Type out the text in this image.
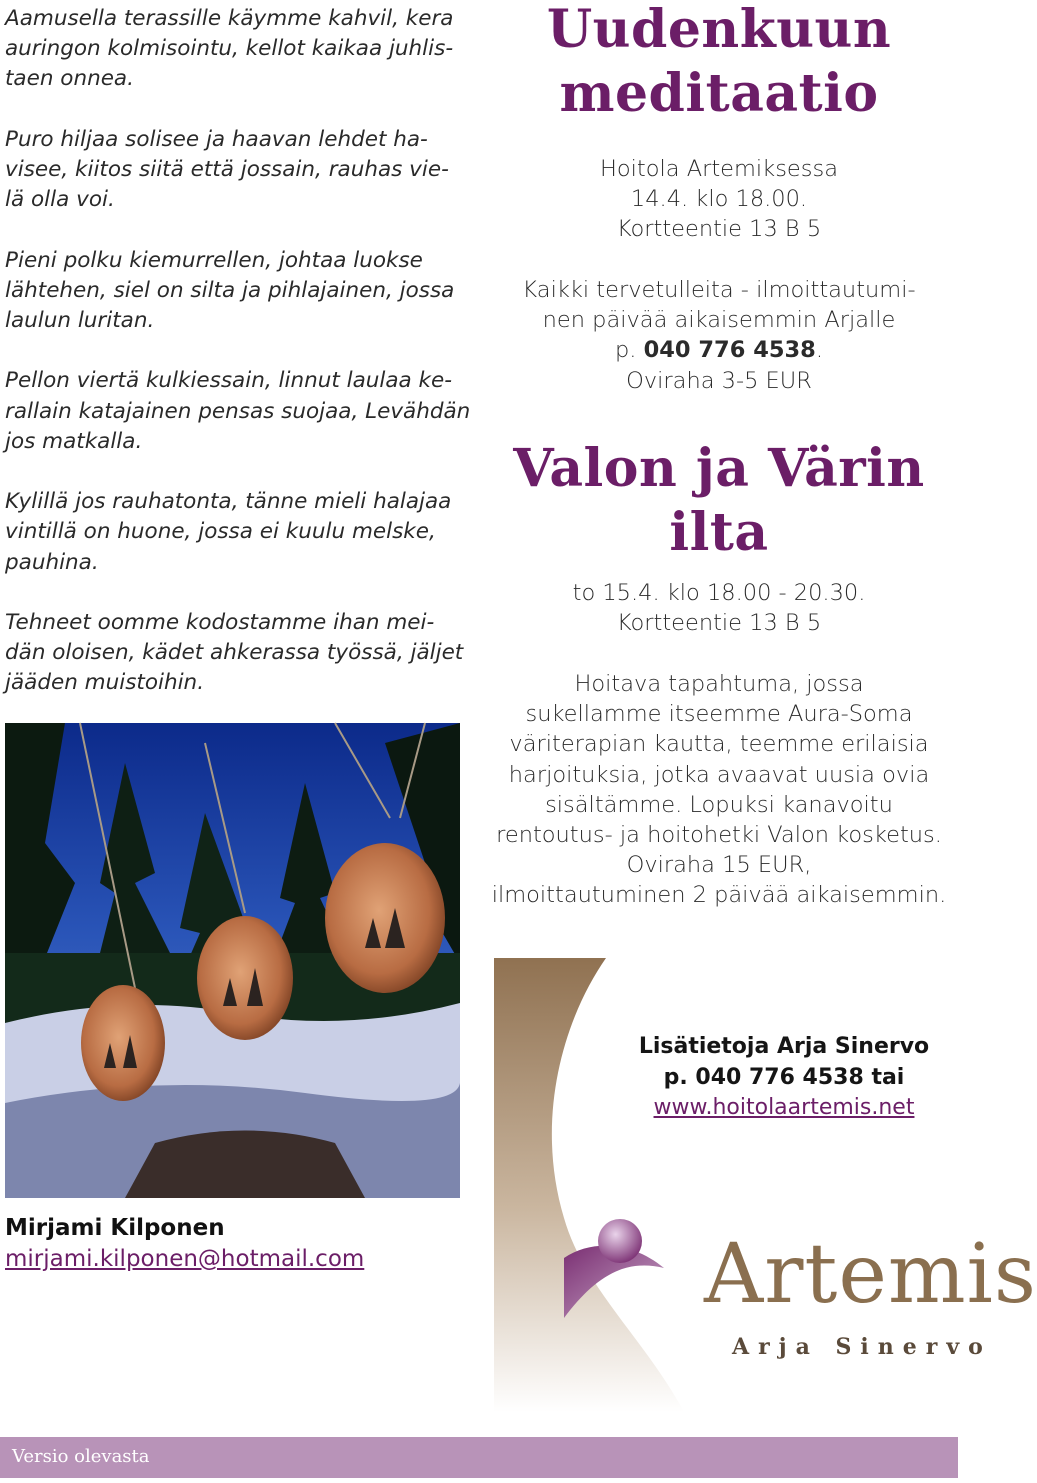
Aamusella terassille käymme kahvil, kera
auringon kolmisointu, kellot kaikaa juhlis-
taen onnea.

Puro hiljaa solisee ja haavan lehdet ha-
visee, kiitos siitä että jossain, rauhas vie-
lä olla voi.

Pieni polku kiemurrellen, johtaa luokse
lähtehen, siel on silta ja pihlajainen, jossa
laulun luritan.

Pellon viertä kulkiessain, linnut laulaa ke-
rallain katajainen pensas suojaa, Levähdän
jos matkalla.

Kylillä jos rauhatonta, tänne mieli halajaa
vintillä on huone, jossa ei kuulu melske,
pauhina.

Tehneet oomme kodostamme ihan mei-
dän oloisen, kädet ahkerassa työssä, jäljet
jääden muistoihin.

Mirjami Kilponen
mirjami.kilponen@hotmail.com
Uudenkuun
meditaatio

Hoitola Artemiksessa
14.4. klo 18.00.
Kortteentie 13 B 5

Kaikki tervetulleita - ilmoittautumi-
nen päivää aikaisemmin Arjalle
p. 040 776 4538.
Oviraha 3-5 EUR

Valon ja Värin
ilta

to 15.4. klo 18.00 - 20.30.
Kortteentie 13 B 5

Hoitava tapahtuma, jossa
sukellamme itseemme Aura-Soma
väriterapian kautta, teemme erilaisia
harjoituksia, jotka avaavat uusia ovia
sisältämme. Lopuksi kanavoitu
rentoutus- ja hoitohetki Valon kosketus.
Oviraha 15 EUR,
ilmoittautuminen 2 päivää aikaisemmin.

Lisätietoja Arja Sinervo
p. 040 776 4538 tai
www.hoitolaartemis.net
Artemis
Arja Sinervo
Versio olevasta
